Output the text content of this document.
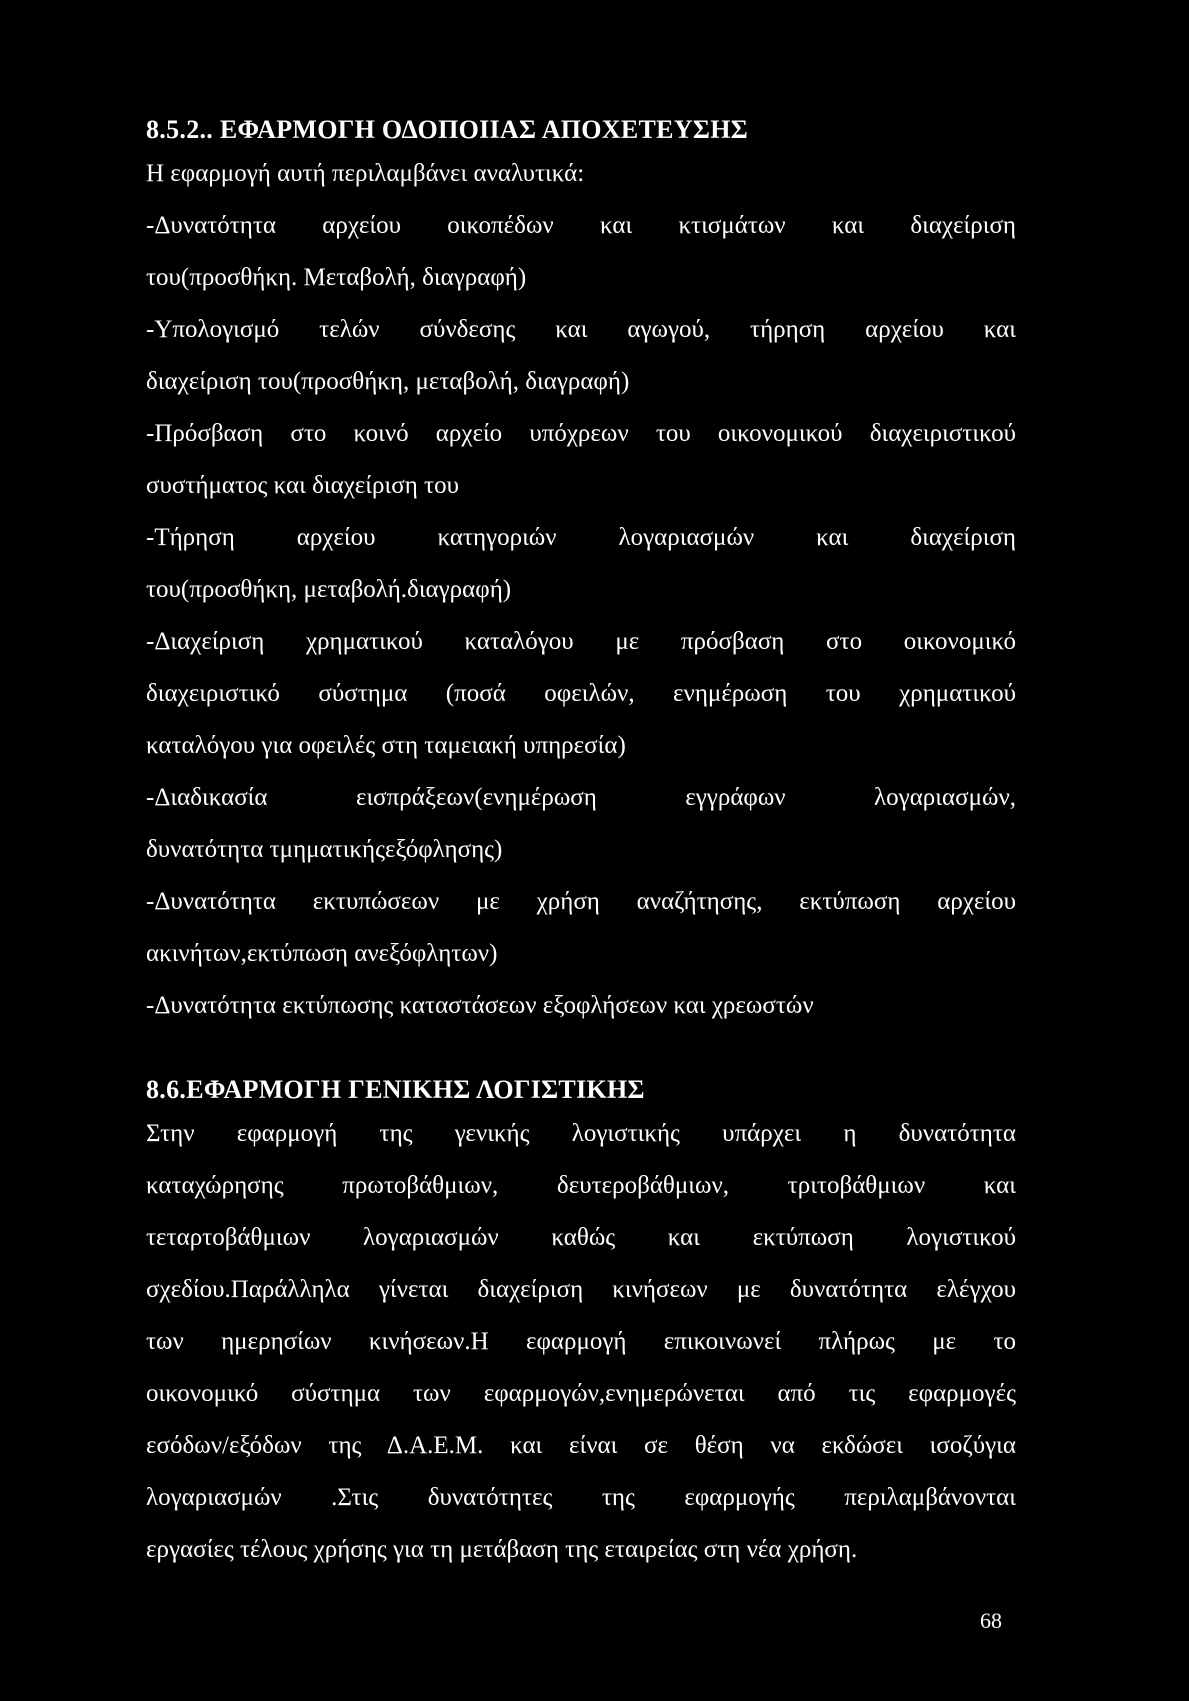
8.5.2.. ΕΦΑΡΜΟΓΗ ΟΔΟΠΟΙΙΑΣ ΑΠΟΧΕΤΕΥΣΗΣ

Η εφαρμογή αυτή περιλαμβάνει αναλυτικά:
-Δυνατότητα αρχείου οικοπέδων και κτισμάτων και διαχείριση
του(προσθήκη. Μεταβολή, διαγραφή)
-Υπολογισμό τελών σύνδεσης και αγωγού, τήρηση αρχείου και
διαχείριση του(προσθήκη, μεταβολή, διαγραφή)
-Πρόσβαση στο κοινό αρχείο υπόχρεων του οικονομικού διαχειριστικού
συστήματος και διαχείριση του
-Τήρηση αρχείου κατηγοριών λογαριασμών και διαχείριση
του(προσθήκη, μεταβολή.διαγραφή)
-Διαχείριση χρηματικού καταλόγου με πρόσβαση στο οικονομικό
διαχειριστικό σύστημα (ποσά οφειλών, ενημέρωση του χρηματικού
καταλόγου για οφειλές στη ταμειακή υπηρεσία)
-Διαδικασία εισπράξεων(ενημέρωση εγγράφων λογαριασμών,
δυνατότητα τμηματικήςεξόφλησης)
-Δυνατότητα εκτυπώσεων με χρήση αναζήτησης, εκτύπωση αρχείου
ακινήτων,εκτύπωση ανεξόφλητων)
-Δυνατότητα εκτύπωσης καταστάσεων εξοφλήσεων και χρεωστών

8.6.ΕΦΑΡΜΟΓΗ ΓΕΝΙΚΗΣ ΛΟΓΙΣΤΙΚΗΣ

Στην εφαρμογή της γενικής λογιστικής υπάρχει η δυνατότητα
καταχώρησης πρωτοβάθμιων, δευτεροβάθμιων, τριτοβάθμιων και
τεταρτοβάθμιων λογαριασμών καθώς και εκτύπωση λογιστικού
σχεδίου.Παράλληλα γίνεται διαχείριση κινήσεων με δυνατότητα ελέγχου
των ημερησίων κινήσεων.Η εφαρμογή επικοινωνεί πλήρως με το
οικονομικό σύστημα των εφαρμογών,ενημερώνεται από τις εφαρμογές
εσόδων/εξόδων της Δ.Α.Ε.Μ. και είναι σε θέση να εκδώσει ισοζύγια
λογαριασμών .Στις δυνατότητες της εφαρμογής περιλαμβάνονται
εργασίες τέλους χρήσης για τη μετάβαση της εταιρείας στη νέα χρήση.
68
